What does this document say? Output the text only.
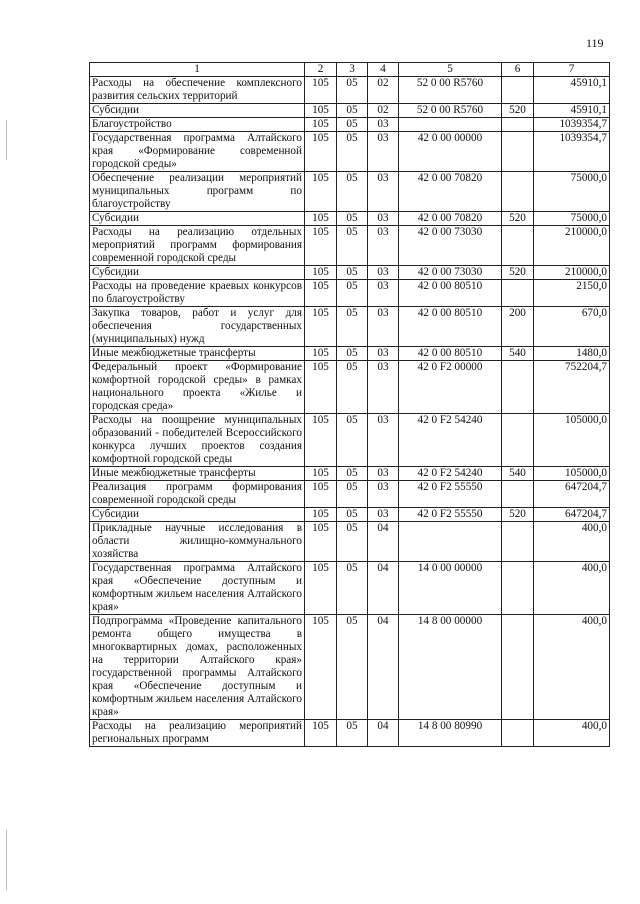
119
1	2	3	4	5	6	7
Расходы на обеспечение комплексного развития сельских территорий	105	05	02	52 0 00 R5760		45910,1
Субсидии	105	05	02	52 0 00 R5760	520	45910,1
Благоустройство	105	05	03			1039354,7
Государственная программа Алтайского края «Формирование современной городской среды»	105	05	03	42 0 00 00000		1039354,7
Обеспечение реализации мероприятий муниципальных программ по благоустройству	105	05	03	42 0 00 70820		75000,0
Субсидии	105	05	03	42 0 00 70820	520	75000,0
Расходы на реализацию отдельных мероприятий программ формирования современной городской среды	105	05	03	42 0 00 73030		210000,0
Субсидии	105	05	03	42 0 00 73030	520	210000,0
Расходы на проведение краевых конкурсов по благоустройству	105	05	03	42 0 00 80510		2150,0
Закупка товаров, работ и услуг для обеспечения государственных (муниципальных) нужд	105	05	03	42 0 00 80510	200	670,0
Иные межбюджетные трансферты	105	05	03	42 0 00 80510	540	1480,0
Федеральный проект «Формирование комфортной городской среды» в рамках национального проекта «Жилье и городская среда»	105	05	03	42 0 F2 00000		752204,7
Расходы на поощрение муниципальных образований - победителей Всероссийского конкурса лучших проектов создания комфортной городской среды	105	05	03	42 0 F2 54240		105000,0
Иные межбюджетные трансферты	105	05	03	42 0 F2 54240	540	105000,0
Реализация программ формирования современной городской среды	105	05	03	42 0 F2 55550		647204,7
Субсидии	105	05	03	42 0 F2 55550	520	647204,7
Прикладные научные исследования в области жилищно-коммунального хозяйства	105	05	04			400,0
Государственная программа Алтайского края «Обеспечение доступным и комфортным жильем населения Алтайского края»	105	05	04	14 0 00 00000		400,0
Подпрограмма «Проведение капитального ремонта общего имущества в многоквартирных домах, расположенных на территории Алтайского края» государственной программы Алтайского края «Обеспечение доступным и комфортным жильем населения Алтайского края»	105	05	04	14 8 00 00000		400,0
Расходы на реализацию мероприятий региональных программ	105	05	04	14 8 00 80990		400,0
